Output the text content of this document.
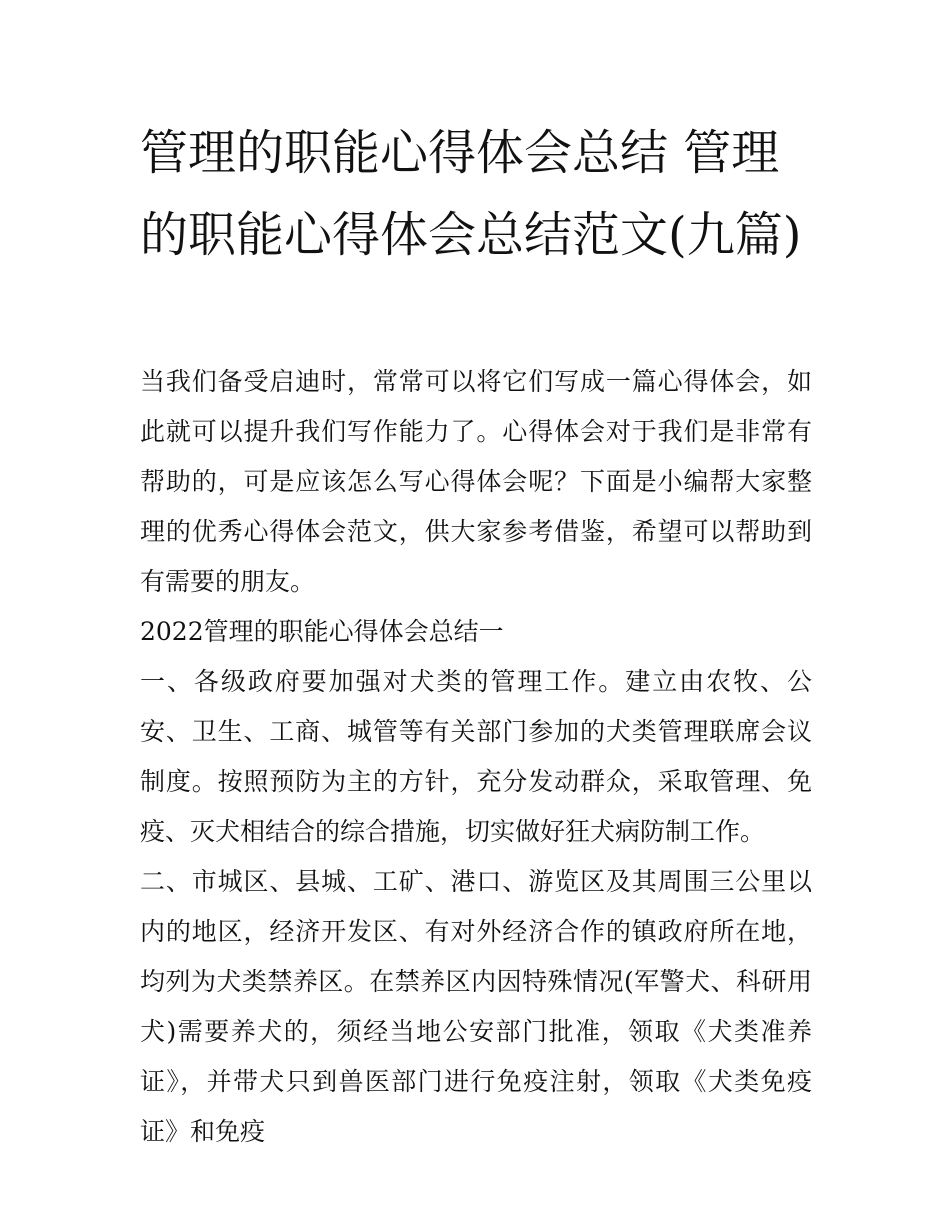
管理的职能心得体会总结 管理的职能心得体会总结范文(九篇)

当我们备受启迪时，常常可以将它们写成一篇心得体会，如此就可以提升我们写作能力了。心得体会对于我们是非常有帮助的，可是应该怎么写心得体会呢？下面是小编帮大家整理的优秀心得体会范文，供大家参考借鉴，希望可以帮助到有需要的朋友。

2022管理的职能心得体会总结一

一、各级政府要加强对犬类的管理工作。建立由农牧、公安、卫生、工商、城管等有关部门参加的犬类管理联席会议制度。按照预防为主的方针，充分发动群众，采取管理、免疫、灭犬相结合的综合措施，切实做好狂犬病防制工作。

二、市城区、县城、工矿、港口、游览区及其周围三公里以内的地区，经济开发区、有对外经济合作的镇政府所在地，均列为犬类禁养区。在禁养区内因特殊情况(军警犬、科研用犬)需要养犬的，须经当地公安部门批准，领取《犬类准养证》，并带犬只到兽医部门进行免疫注射，领取《犬类免疫证》和免疫
